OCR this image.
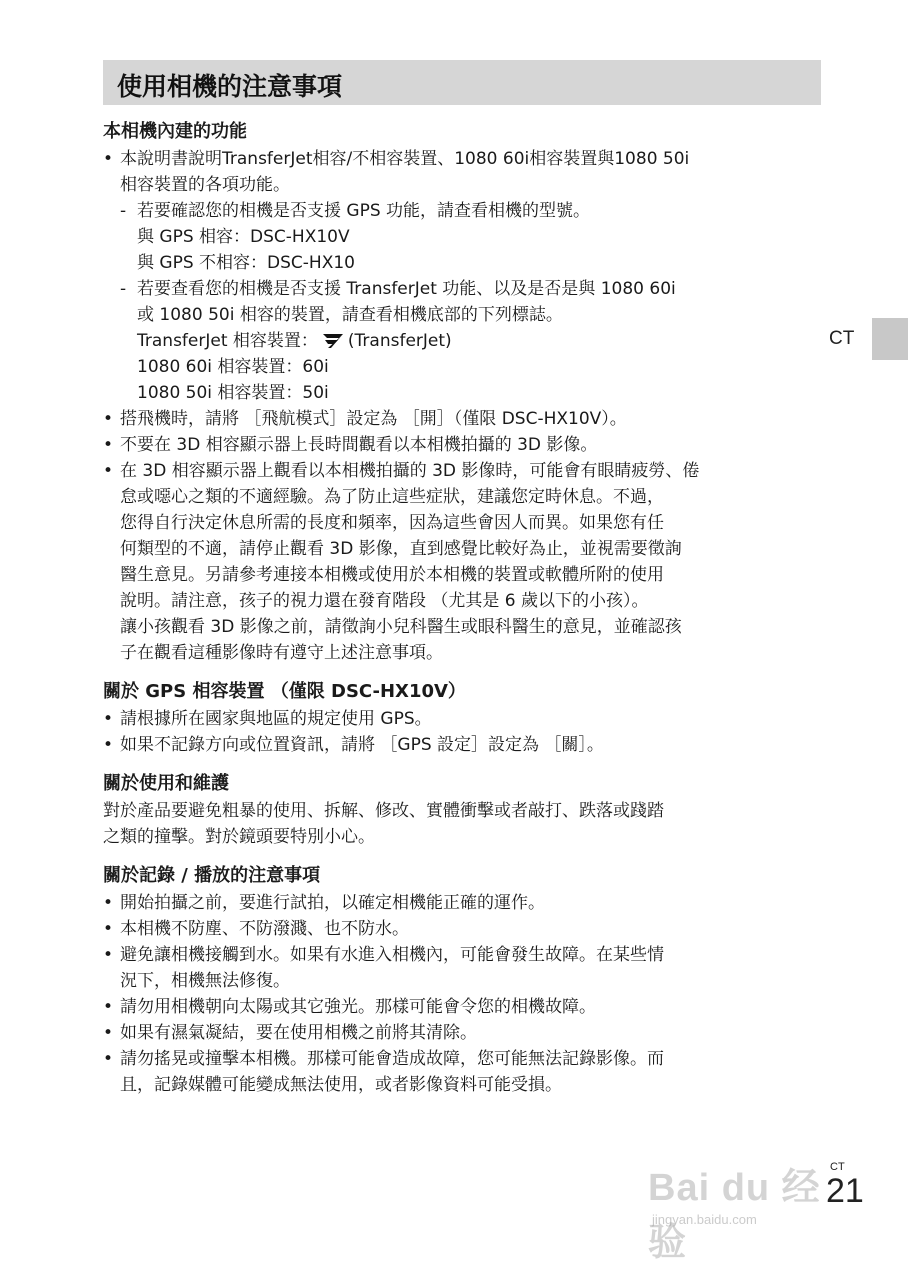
使用相機的注意事項
本相機內建的功能
• 本說明書說明TransferJet相容/不相容裝置、1080 60i相容裝置與1080 50i
相容裝置的各項功能。
- 若要確認您的相機是否支援 GPS 功能，請查看相機的型號。
與 GPS 相容：DSC-HX10V
與 GPS 不相容：DSC-HX10
- 若要查看您的相機是否支援 TransferJet 功能、以及是否是與 1080 60i
或 1080 50i 相容的裝置，請查看相機底部的下列標誌。
TransferJet 相容裝置： (TransferJet)
1080 60i 相容裝置：60i
1080 50i 相容裝置：50i
• 搭飛機時，請將 ［飛航模式］設定為 ［開］（僅限 DSC-HX10V）。
• 不要在 3D 相容顯示器上長時間觀看以本相機拍攝的 3D 影像。
• 在 3D 相容顯示器上觀看以本相機拍攝的 3D 影像時，可能會有眼睛疲勞、倦
怠或噁心之類的不適經驗。為了防止這些症狀，建議您定時休息。不過，
您得自行決定休息所需的長度和頻率，因為這些會因人而異。如果您有任
何類型的不適，請停止觀看 3D 影像，直到感覺比較好為止，並視需要徵詢
醫生意見。另請參考連接本相機或使用於本相機的裝置或軟體所附的使用
說明。請注意，孩子的視力還在發育階段 （尤其是 6 歲以下的小孩）。
讓小孩觀看 3D 影像之前，請徵詢小兒科醫生或眼科醫生的意見，並確認孩
子在觀看這種影像時有遵守上述注意事項。
關於 GPS 相容裝置 （僅限 DSC-HX10V）
• 請根據所在國家與地區的規定使用 GPS。
• 如果不記錄方向或位置資訊，請將 ［GPS 設定］設定為 ［關］。
關於使用和維護
對於產品要避免粗暴的使用、拆解、修改、實體衝擊或者敲打、跌落或踐踏
之類的撞擊。對於鏡頭要特別小心。
關於記錄 / 播放的注意事項
• 開始拍攝之前，要進行試拍，以確定相機能正確的運作。
• 本相機不防塵、不防潑濺、也不防水。
• 避免讓相機接觸到水。如果有水進入相機內，可能會發生故障。在某些情
況下，相機無法修復。
• 請勿用相機朝向太陽或其它強光。那樣可能會令您的相機故障。
• 如果有濕氣凝結，要在使用相機之前將其清除。
• 請勿搖晃或撞擊本相機。那樣可能會造成故障，您可能無法記錄影像。而
且，記錄媒體可能變成無法使用，或者影像資料可能受損。
CT
Bai du 经验
jingyan.baidu.com
CT
21
